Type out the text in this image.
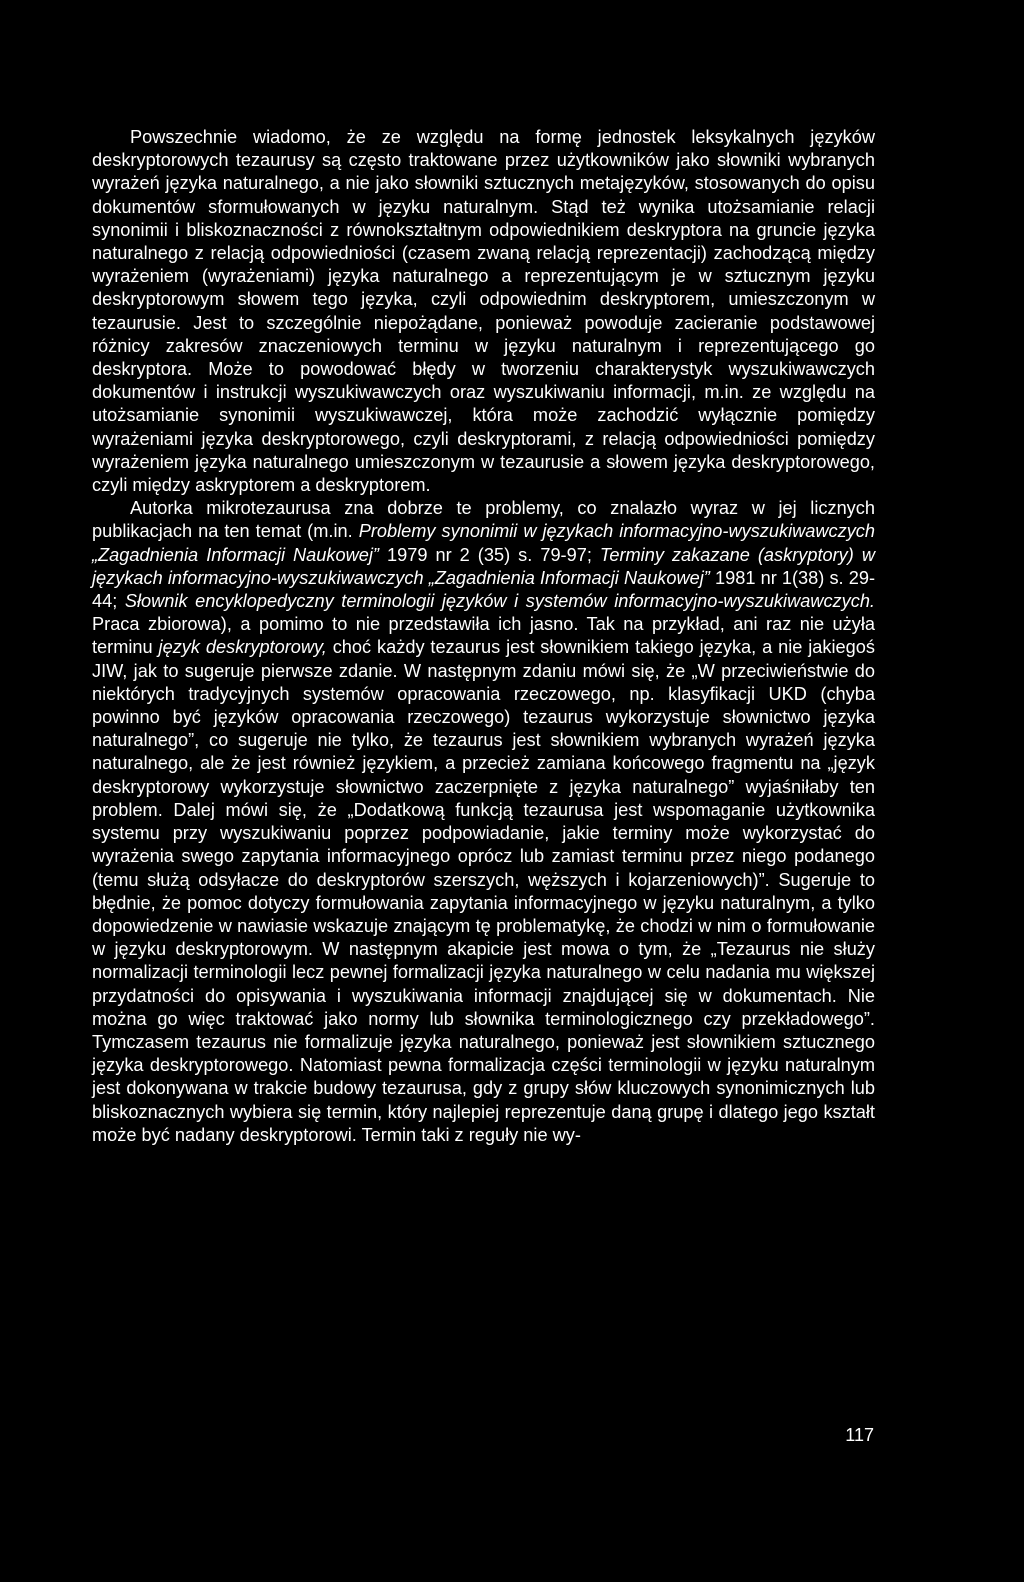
Powszechnie wiadomo, że ze względu na formę jednostek leksykalnych języków deskryptorowych tezaurusy są często traktowane przez użytkowników jako słowniki wybranych wyrażeń języka naturalnego, a nie jako słowniki sztucznych metajęzyków, stosowanych do opisu dokumentów sformułowanych w języku naturalnym. Stąd też wynika utożsamianie relacji synonimii i bliskoznaczności z równokształtnym odpowiednikiem deskryptora na gruncie języka naturalnego z relacją odpowiedniości (czasem zwaną relacją reprezentacji) zachodzącą między wyrażeniem (wyrażeniami) języka naturalnego a reprezentującym je w sztucznym języku deskryptorowym słowem tego języka, czyli odpowiednim deskryptorem, umieszczonym w tezaurusie. Jest to szczególnie niepożądane, ponieważ powoduje zacieranie podstawowej różnicy zakresów znaczeniowych terminu w języku naturalnym i reprezentującego go deskryptora. Może to powodować błędy w tworzeniu charakterystyk wyszukiwawczych dokumentów i instrukcji wyszukiwawczych oraz wyszukiwaniu informacji, m.in. ze względu na utożsamianie synonimii wyszukiwawczej, która może zachodzić wyłącznie pomiędzy wyrażeniami języka deskryptorowego, czyli deskryptorami, z relacją odpowiedniości pomiędzy wyrażeniem języka naturalnego umieszczonym w tezaurusie a słowem języka deskryptorowego, czyli między askryptorem a deskryptorem.

Autorka mikrotezaurusa zna dobrze te problemy, co znalazło wyraz w jej licznych publikacjach na ten temat (m.in. Problemy synonimii w językach informacyjno-wyszukiwawczych „Zagadnienia Informacji Naukowej” 1979 nr 2 (35) s. 79-97; Terminy zakazane (askryptory) w językach informacyjno-wyszukiwawczych „Zagadnienia Informacji Naukowej” 1981 nr 1(38) s. 29-44; Słownik encyklopedyczny terminologii języków i systemów informacyjno-wyszukiwawczych. Praca zbiorowa), a pomimo to nie przedstawiła ich jasno. Tak na przykład, ani raz nie użyła terminu język deskryptorowy, choć każdy tezaurus jest słownikiem takiego języka, a nie jakiegoś JIW, jak to sugeruje pierwsze zdanie. W następnym zdaniu mówi się, że „W przeciwieństwie do niektórych tradycyjnych systemów opracowania rzeczowego, np. klasyfikacji UKD (chyba powinno być języków opracowania rzeczowego) tezaurus wykorzystuje słownictwo języka naturalnego”, co sugeruje nie tylko, że tezaurus jest słownikiem wybranych wyrażeń języka naturalnego, ale że jest również językiem, a przecież zamiana końcowego fragmentu na „język deskryptorowy wykorzystuje słownictwo zaczerpnięte z języka naturalnego” wyjaśniłaby ten problem. Dalej mówi się, że „Dodatkową funkcją tezaurusa jest wspomaganie użytkownika systemu przy wyszukiwaniu poprzez podpowiadanie, jakie terminy może wykorzystać do wyrażenia swego zapytania informacyjnego oprócz lub zamiast terminu przez niego podanego (temu służą odsyłacze do deskryptorów szerszych, węższych i kojarzeniowych)”. Sugeruje to błędnie, że pomoc dotyczy formułowania zapytania informacyjnego w języku naturalnym, a tylko dopowiedzenie w nawiasie wskazuje znającym tę problematykę, że chodzi w nim o formułowanie w języku deskryptorowym. W następnym akapicie jest mowa o tym, że „Tezaurus nie służy normalizacji terminologii lecz pewnej formalizacji języka naturalnego w celu nadania mu większej przydatności do opisywania i wyszukiwania informacji znajdującej się w dokumentach. Nie można go więc traktować jako normy lub słownika terminologicznego czy przekładowego”. Tymczasem tezaurus nie formalizuje języka naturalnego, ponieważ jest słownikiem sztucznego języka deskryptorowego. Natomiast pewna formalizacja części terminologii w języku naturalnym jest dokonywana w trakcie budowy tezaurusa, gdy z grupy słów kluczowych synonimicznych lub bliskoznacznych wybiera się termin, który najlepiej reprezentuje daną grupę i dlatego jego kształt może być nadany deskryptorowi. Termin taki z reguły nie wy-

117
